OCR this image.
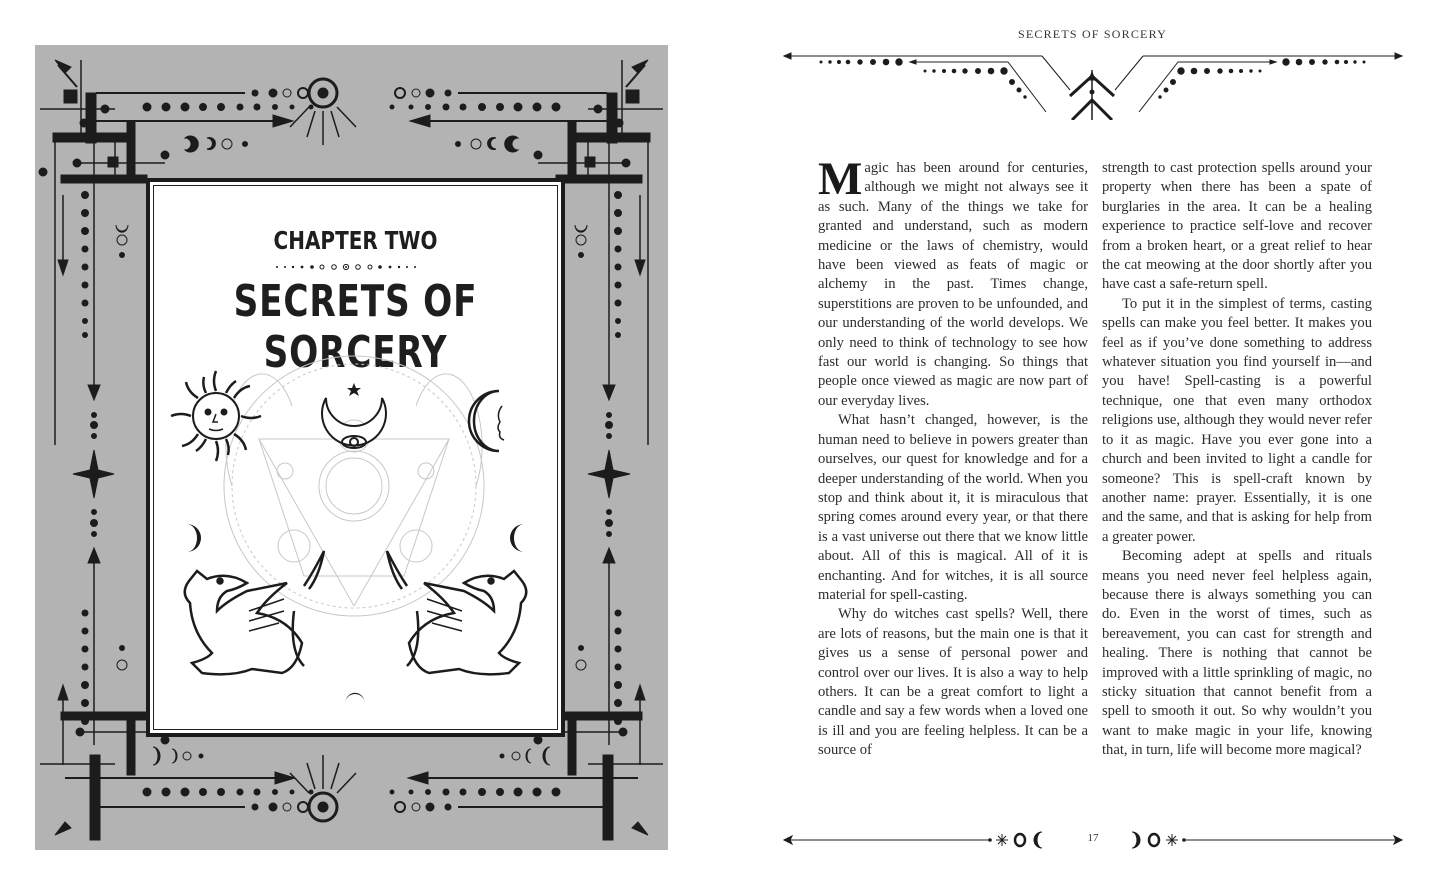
CHAPTER TWO
SECRETS OF SORCERY
SECRETS OF SORCERY

Magic has been around for centuries, although we might not always see it as such. Many of the things we take for granted and understand, such as modern medicine or the laws of chemistry, would have been viewed as feats of magic or alchemy in the past. Times change, superstitions are proven to be unfounded, and our understanding of the world develops. We only need to think of technology to see how fast our world is changing. So things that people once viewed as magic are now part of our everyday lives.

What hasn’t changed, however, is the human need to believe in powers greater than ourselves, our quest for knowledge and for a deeper understanding of the world. When you stop and think about it, it is miraculous that spring comes around every year, or that there is a vast universe out there that we know little about. All of this is magical. All of it is enchanting. And for witches, it is all source material for spell-casting.

Why do witches cast spells? Well, there are lots of reasons, but the main one is that it gives us a sense of personal power and control over our lives. It is also a way to help others. It can be a great comfort to light a candle and say a few words when a loved one is ill and you are feeling helpless. It can be a source of

strength to cast protection spells around your property when there has been a spate of burglaries in the area. It can be a healing experience to practice self-love and recover from a broken heart, or a great relief to hear the cat meowing at the door shortly after you have cast a safe-return spell.

To put it in the simplest of terms, casting spells can make you feel better. It makes you feel as if you’ve done something to address whatever situation you find yourself in—and you have! Spell-casting is a powerful technique, one that even many orthodox religions use, although they would never refer to it as magic. Have you ever gone into a church and been invited to light a candle for someone? This is spell-craft known by another name: prayer. Essentially, it is one and the same, and that is asking for help from a greater power.

Becoming adept at spells and rituals means you need never feel helpless again, because there is always something you can do. Even in the worst of times, such as bereavement, you can cast for strength and healing. There is nothing that cannot be improved with a little sprinkling of magic, no sticky situation that cannot benefit from a spell to smooth it out. So why wouldn’t you want to make magic in your life, knowing that, in turn, life will become more magical?

17
